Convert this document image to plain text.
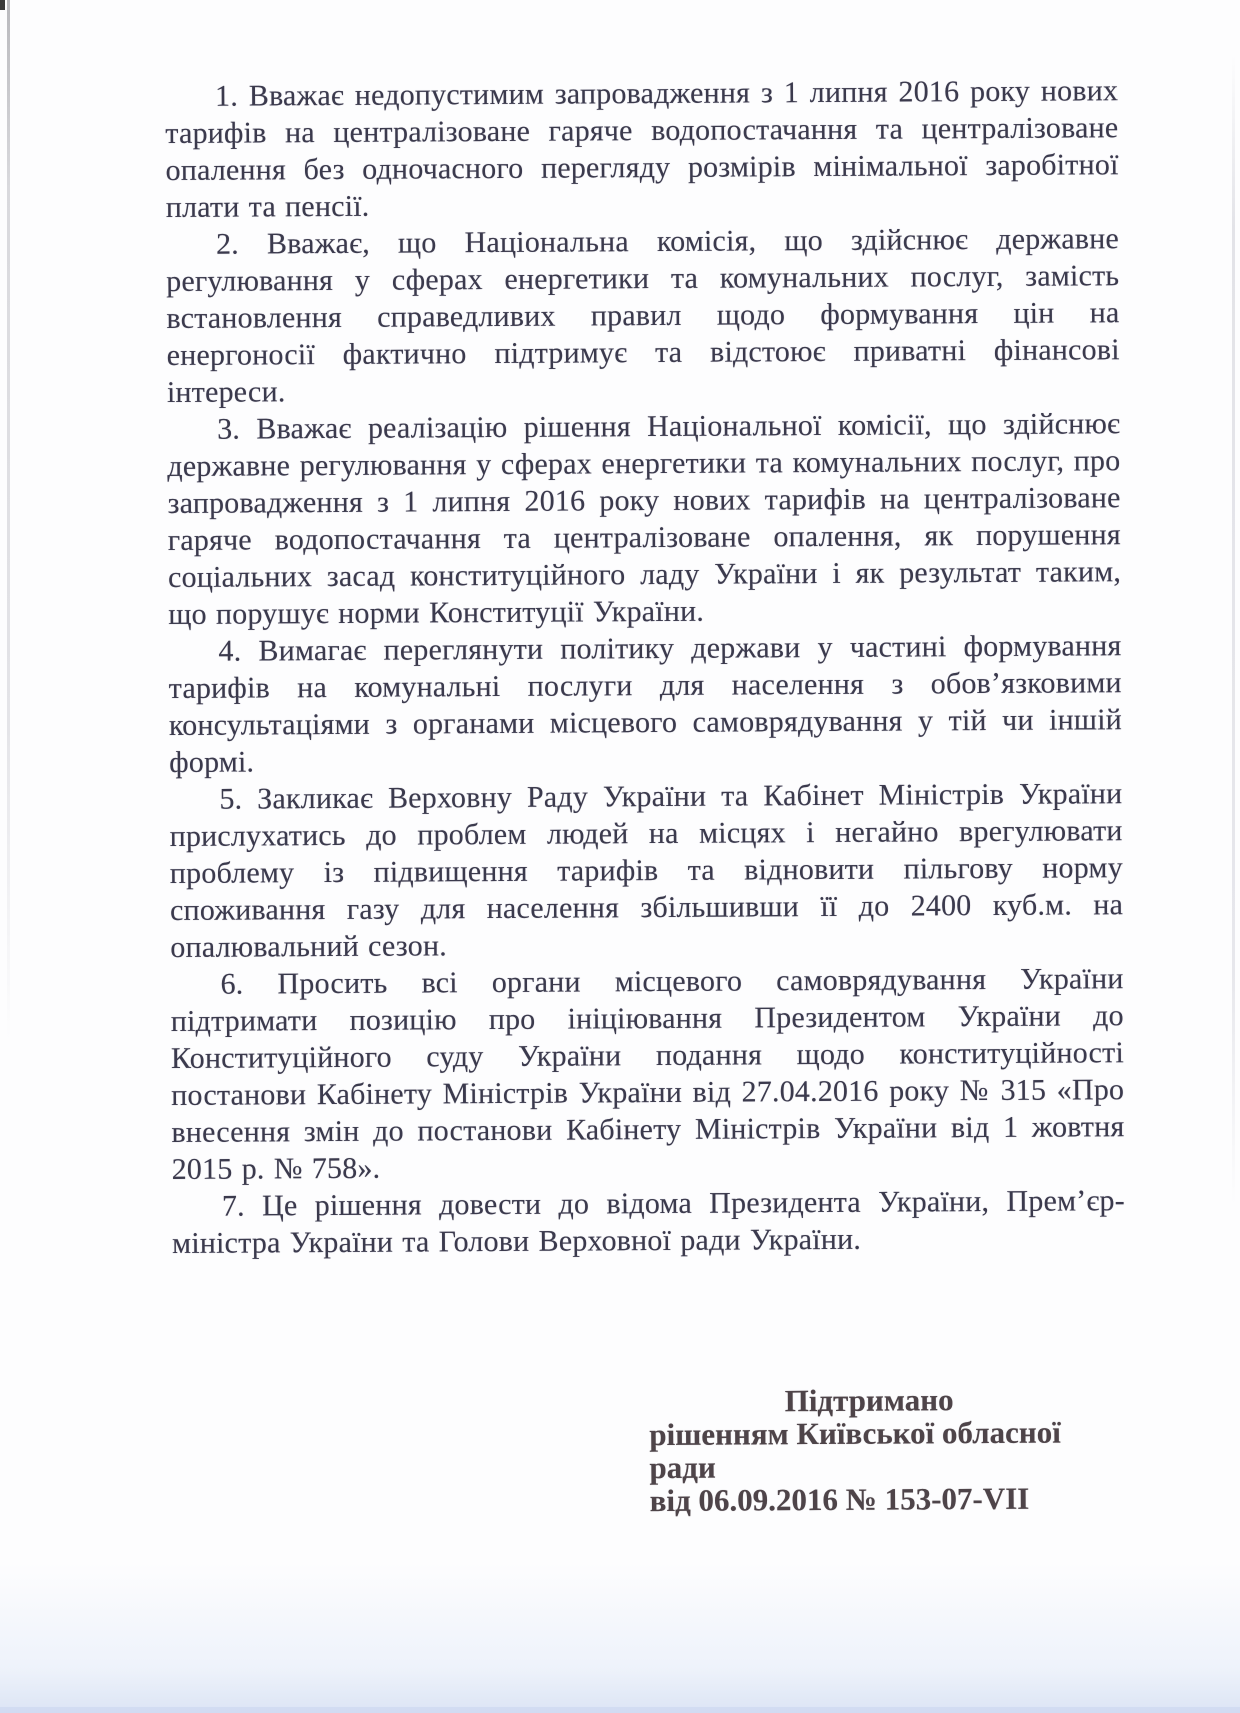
1. Вважає недопустимим запровадження з 1 липня 2016 року нових тарифів на централізоване гаряче водопостачання та централізоване опалення без одночасного перегляду розмірів мінімальної заробітної плати та пенсії.

2. Вважає, що Національна комісія, що здійснює державне регулювання у сферах енергетики та комунальних послуг, замість встановлення справедливих правил щодо формування цін на енергоносії фактично підтримує та відстоює приватні фінансові інтереси.

3. Вважає реалізацію рішення Національної комісії, що здійснює державне регулювання у сферах енергетики та комунальних послуг, про запровадження з 1 липня 2016 року нових тарифів на централізоване гаряче водопостачання та централізоване опалення, як порушення соціальних засад конституційного ладу України і як результат таким, що порушує норми Конституції України.

4. Вимагає переглянути політику держави у частині формування тарифів на комунальні послуги для населення з обов’язковими консультаціями з органами місцевого самоврядування у тій чи іншій формі.

5. Закликає Верховну Раду України та Кабінет Міністрів України прислухатись до проблем людей на місцях і негайно врегулювати проблему із підвищення тарифів та відновити пільгову норму споживання газу для населення збільшивши її до 2400 куб.м. на опалювальний сезон.

6. Просить всі органи місцевого самоврядування України підтримати позицію про ініціювання Президентом України до Конституційного суду України подання щодо конституційності постанови Кабінету Міністрів України від 27.04.2016 року № 315 «Про внесення змін до постанови Кабінету Міністрів України від 1 жовтня 2015 р. № 758».

7. Це рішення довести до відома Президента України, Прем’єр-міністра України та Голови Верховної ради України.

Підтримано
рішенням Київської обласної ради
від 06.09.2016 № 153-07-VII
